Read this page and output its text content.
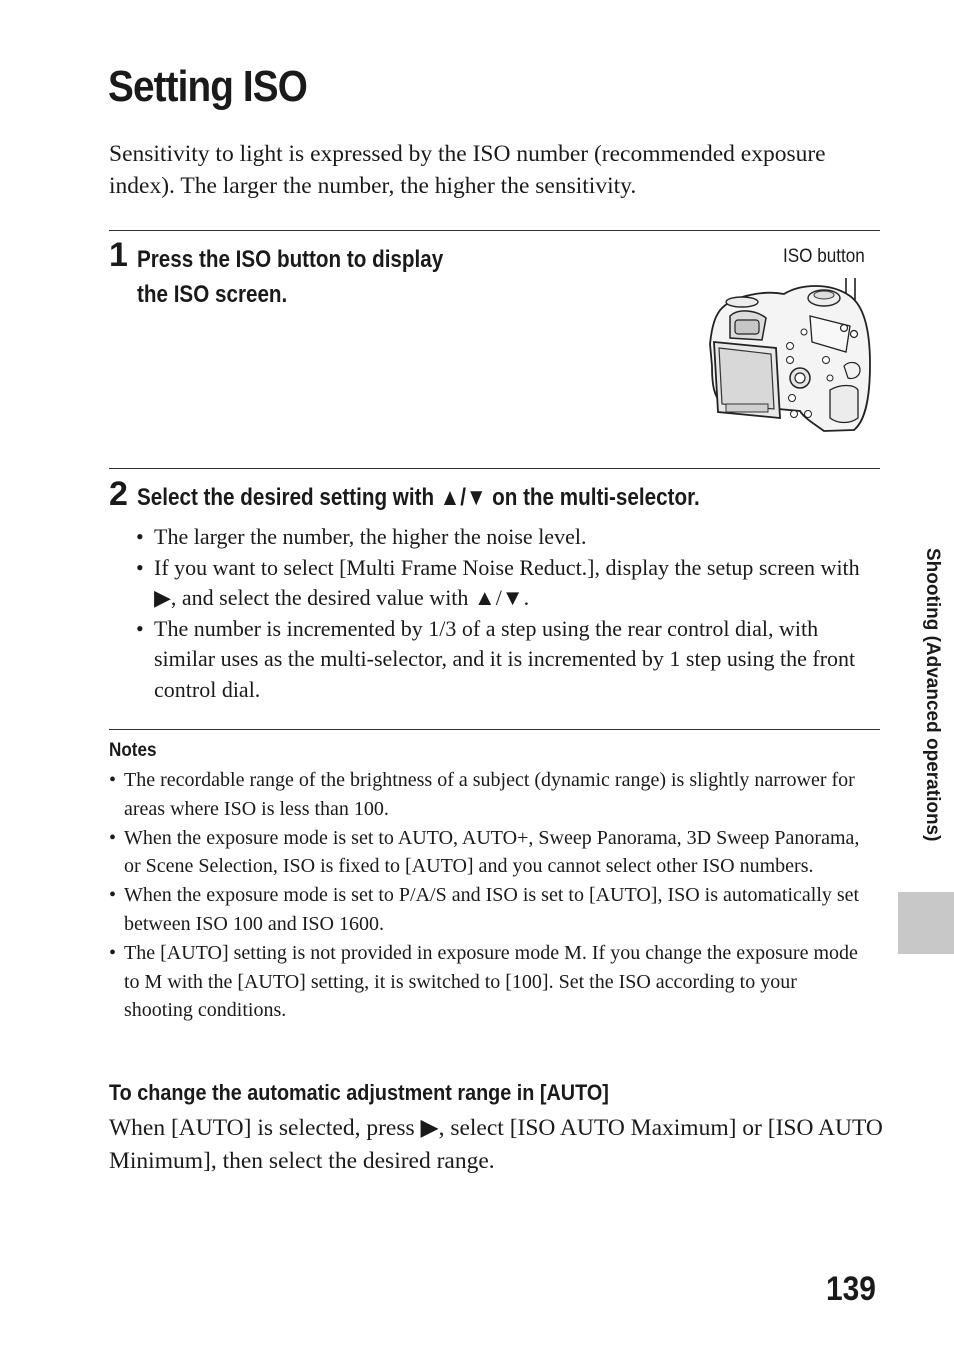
Setting ISO

Sensitivity to light is expressed by the ISO number (recommended exposure index). The larger the number, the higher the sensitivity.

1 Press the ISO button to display

the ISO screen.

ISO button
2 Select the desired setting with ▲/▼ on the multi-selector.

• The larger the number, the higher the noise level.
• If you want to select [Multi Frame Noise Reduct.], display the setup screen with ▶, and select the desired value with ▲/▼.
• The number is incremented by 1/3 of a step using the rear control dial, with similar uses as the multi-selector, and it is incremented by 1 step using the front control dial.

Notes

• The recordable range of the brightness of a subject (dynamic range) is slightly narrower for areas where ISO is less than 100.
• When the exposure mode is set to AUTO, AUTO+, Sweep Panorama, 3D Sweep Panorama, or Scene Selection, ISO is fixed to [AUTO] and you cannot select other ISO numbers.
• When the exposure mode is set to P/A/S and ISO is set to [AUTO], ISO is automatically set between ISO 100 and ISO 1600.
• The [AUTO] setting is not provided in exposure mode M. If you change the exposure mode to M with the [AUTO] setting, it is switched to [100]. Set the ISO according to your shooting conditions.

To change the automatic adjustment range in [AUTO]

When [AUTO] is selected, press ▶, select [ISO AUTO Maximum] or [ISO AUTO Minimum], then select the desired range.

Shooting (Advanced operations)
139
